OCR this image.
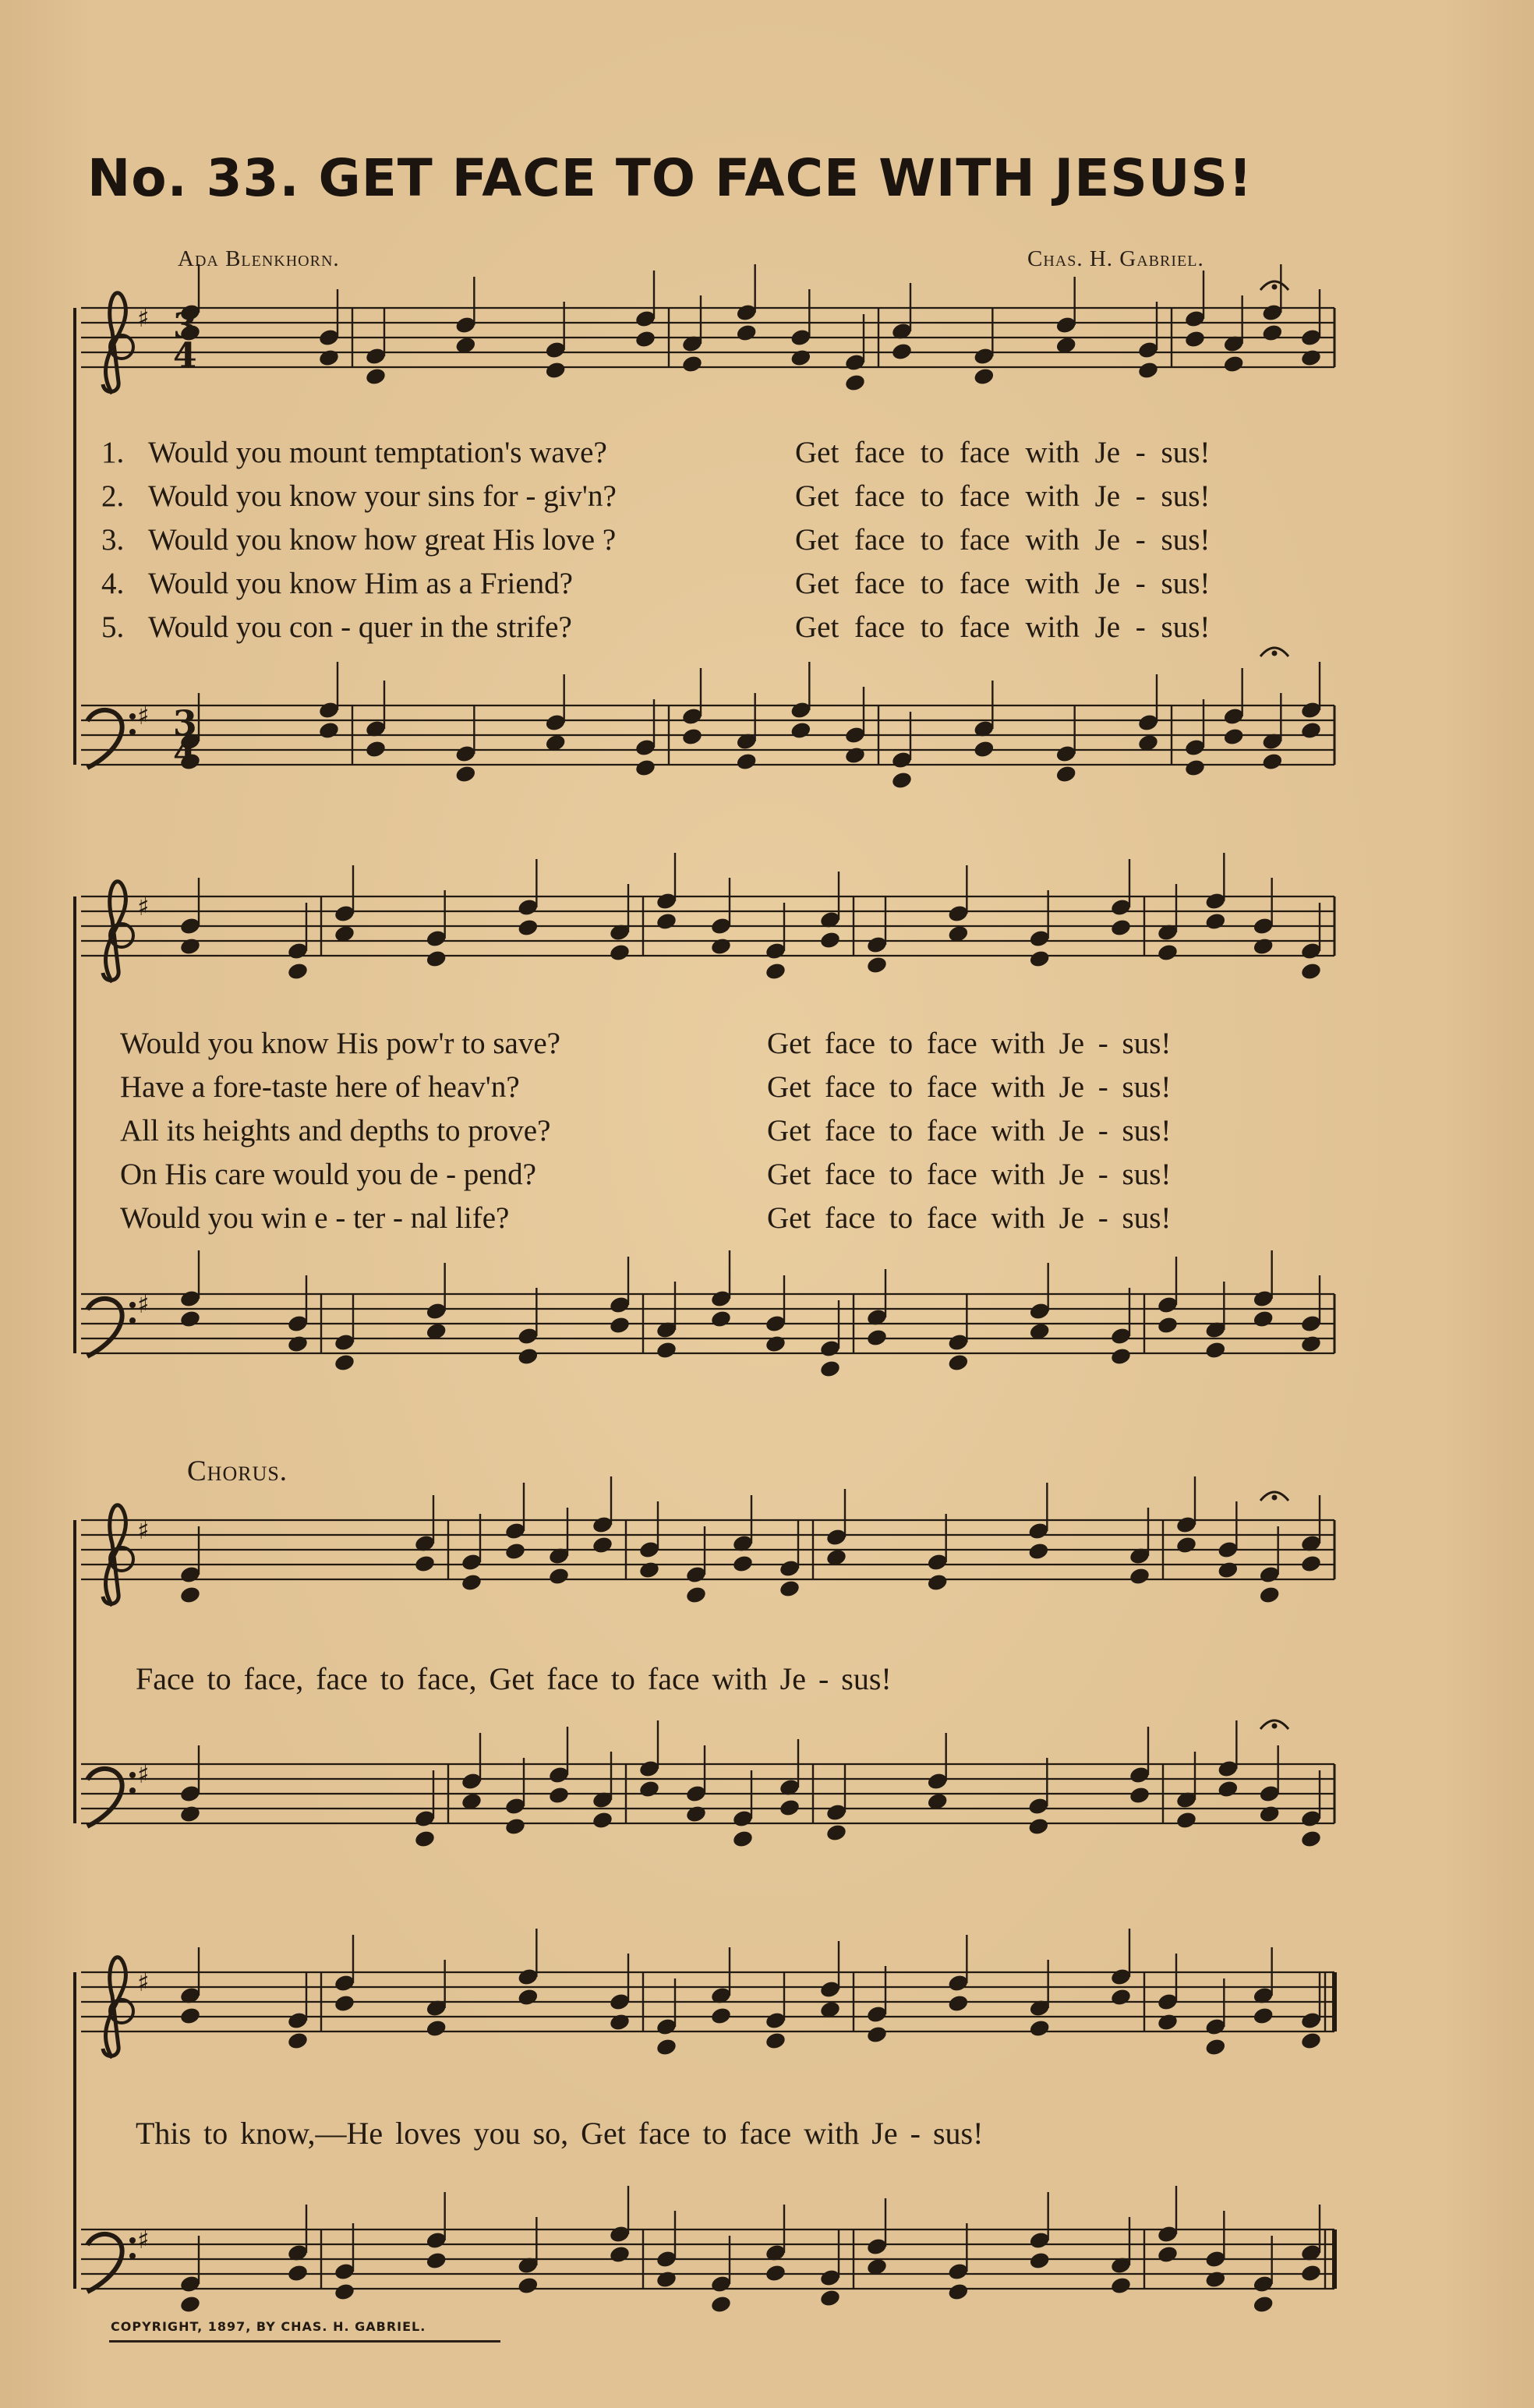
No. 33. GET FACE TO FACE WITH JESUS!
Ada Blenkhorn.	Chas. H. Gabriel.
♯
♯
♯
♯
♯
♯
♯
♯
3
4
3
4
1. Would you mount temptation's wave?	Get face to face with Je - sus!
2. Would you know your sins for - giv'n?	Get face to face with Je - sus!
3. Would you know how great His love ?	Get face to face with Je - sus!
4. Would you know Him as a Friend?	Get face to face with Je - sus!
5. Would you con - quer in the strife?	Get face to face with Je - sus!
Would you know His pow'r to save?	Get face to face with Je - sus!
Have a fore-taste here of heav'n?	Get face to face with Je - sus!
All its heights and depths to prove?	Get face to face with Je - sus!
On His care would you de - pend?	Get face to face with Je - sus!
Would you win e - ter - nal life?	Get face to face with Je - sus!
Chorus.
Face to face, face to face, Get face to face with Je - sus!
This to know,—He loves you so, Get face to face with Je - sus!
COPYRIGHT, 1897, BY CHAS. H. GABRIEL.
